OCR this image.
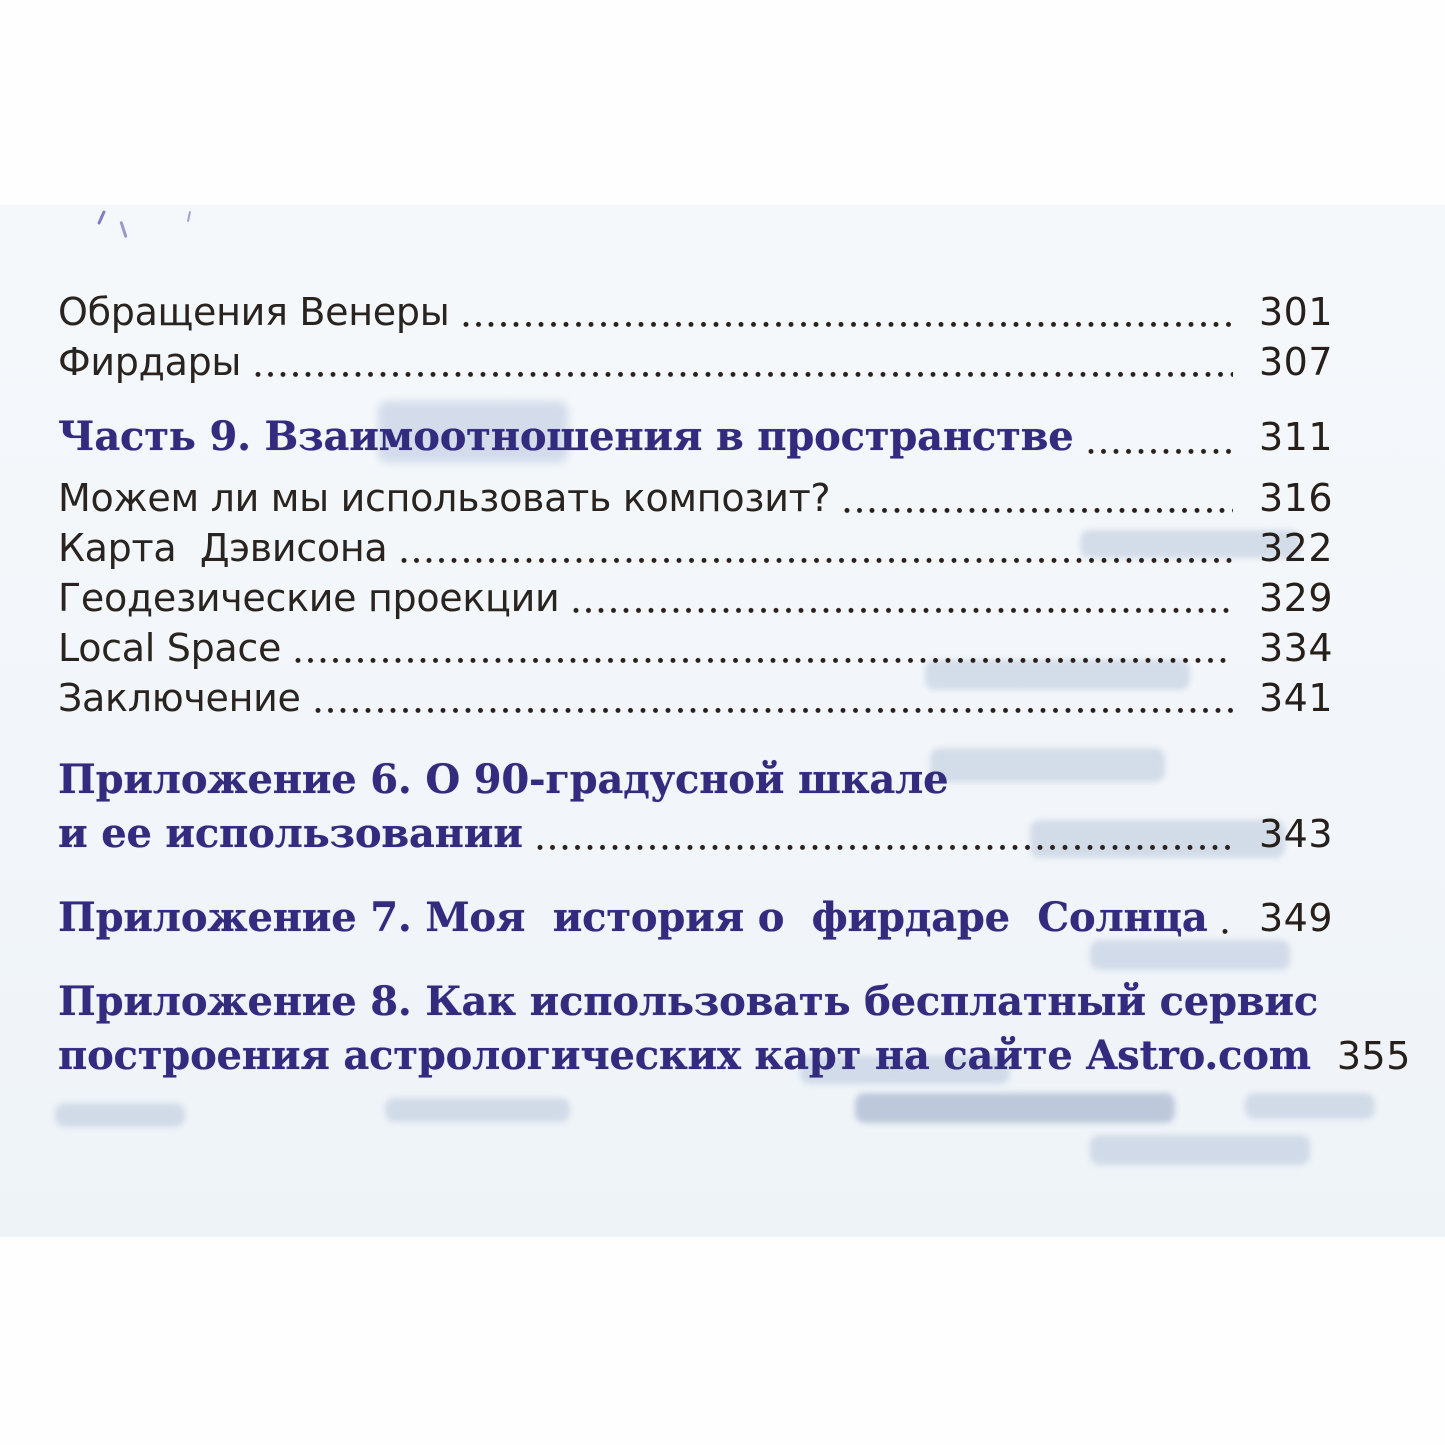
Обращения Венеры	301
Фирдары	307
Часть 9. Взаимоотношения в пространстве	311
Можем ли мы использовать композит?	316
Карта  Дэвисона	322
Геодезические проекции	329
Local Space	334
Заключение	341
Приложение 6. О 90-градусной шкале
и ее использовании	343
Приложение 7. Моя  история о  фирдаре  Солнца	349
Приложение 8. Как использовать бесплатный сервис
построения астрологических карт на сайте Astro.com 355
